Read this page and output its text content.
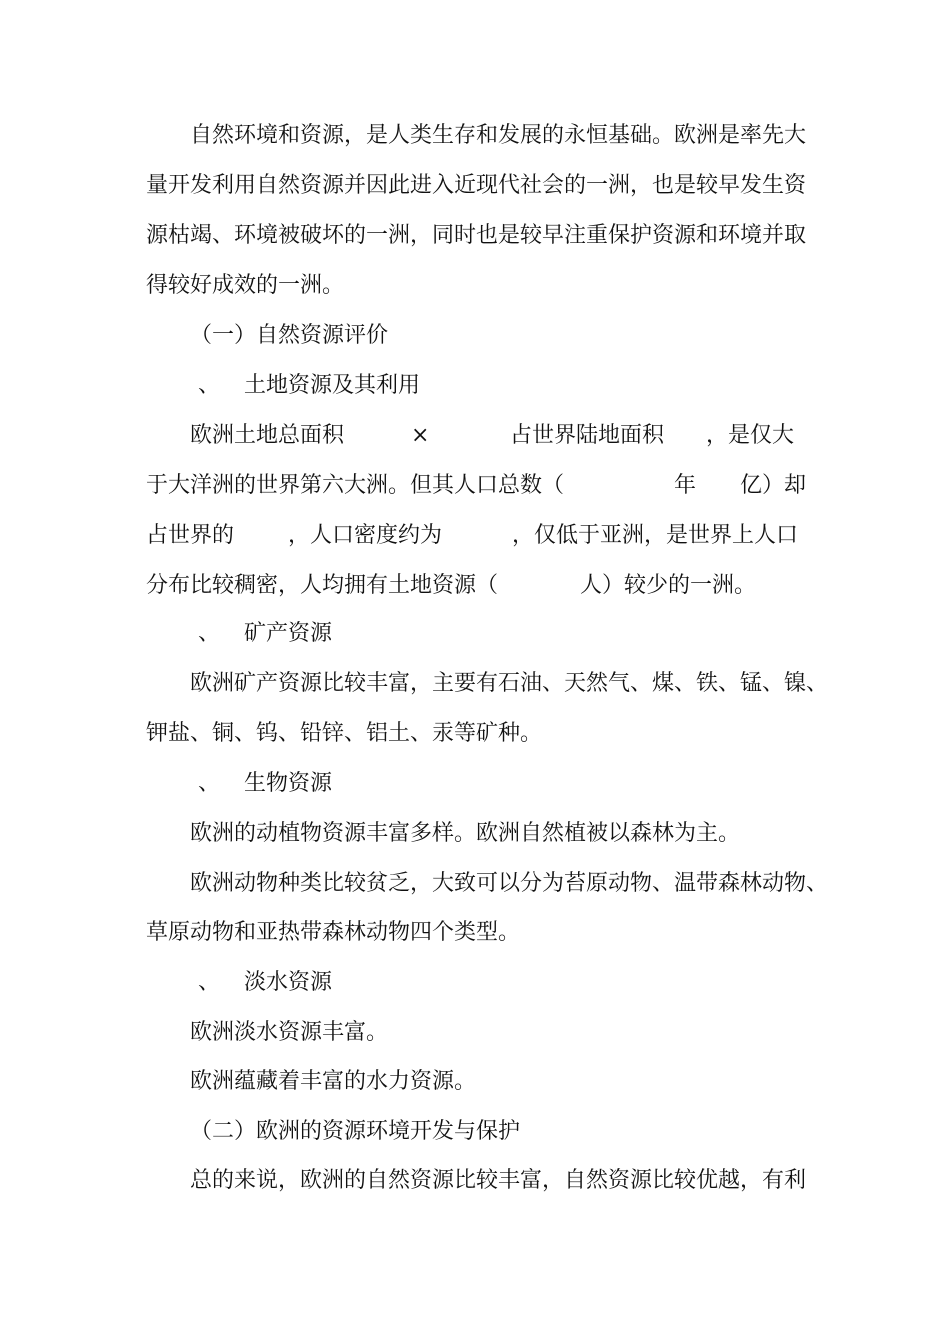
自然环境和资源，是人类生存和发展的永恒基础。欧洲是率先大
量开发利用自然资源并因此进入近现代社会的一洲，也是较早发生资
源枯竭、环境被破坏的一洲，同时也是较早注重保护资源和环境并取
得较好成效的一洲。
（一）自然资源评价
、 土地资源及其利用
欧洲土地总面积	×	占世界陆地面积 ，是仅大
于大洋洲的世界第六大洲。但其人口总数（	年 亿）却
占世界的 ，人口密度约为	，仅低于亚洲，是世界上人口
分布比较稠密，人均拥有土地资源（	人）较少的一洲。
、 矿产资源
欧洲矿产资源比较丰富，主要有石油、天然气、煤、铁、锰、镍、
钾盐、铜、钨、铅锌、铝土、汞等矿种。
、 生物资源
欧洲的动植物资源丰富多样。欧洲自然植被以森林为主。
欧洲动物种类比较贫乏，大致可以分为苔原动物、温带森林动物、
草原动物和亚热带森林动物四个类型。
、 淡水资源
欧洲淡水资源丰富。
欧洲蕴藏着丰富的水力资源。
（二）欧洲的资源环境开发与保护
总的来说，欧洲的自然资源比较丰富，自然资源比较优越，有利
